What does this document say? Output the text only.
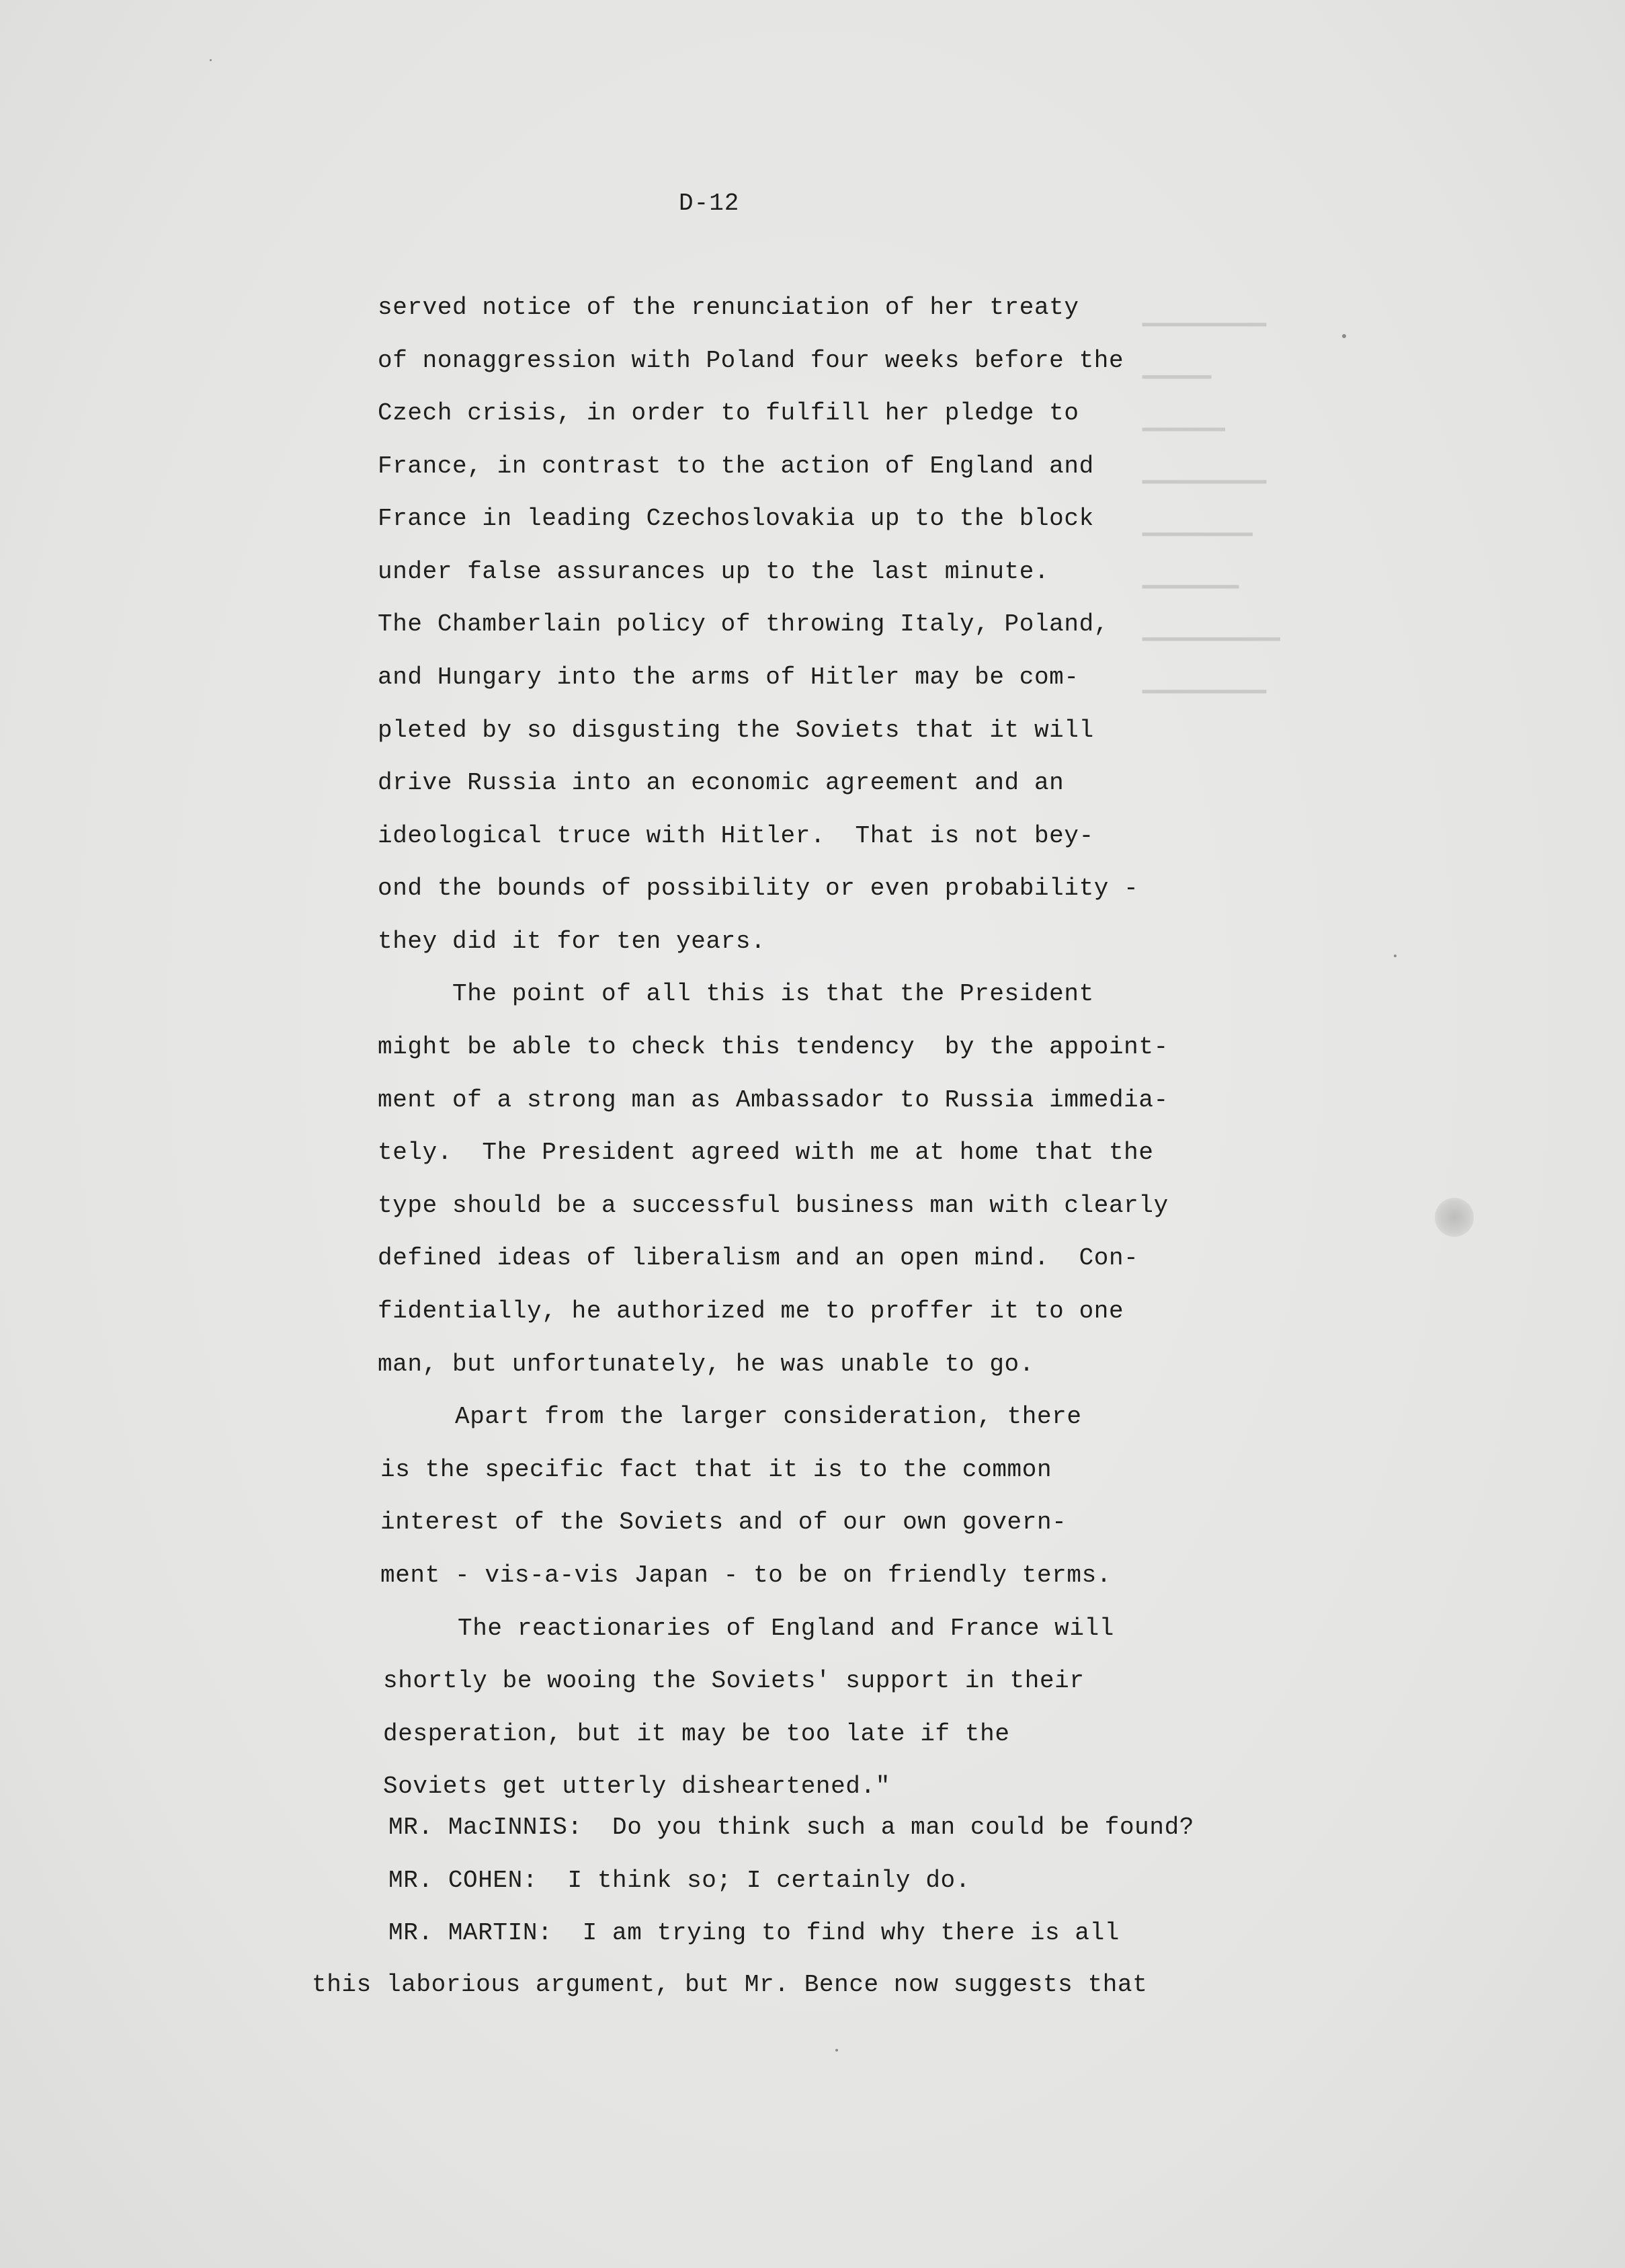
▁▁▁▁▁▁▁▁▁
▁▁▁▁▁
▁▁▁▁▁▁
▁▁▁▁▁▁▁▁▁
▁▁▁▁▁▁▁▁
▁▁▁▁▁▁▁
▁▁▁▁▁▁▁▁▁▁
▁▁▁▁▁▁▁▁▁
D-12
served notice of the renunciation of her treaty
of nonaggression with Poland four weeks before the
Czech crisis, in order to fulfill her pledge to
France, in contrast to the action of England and
France in leading Czechoslovakia up to the block
under false assurances up to the last minute.
The Chamberlain policy of throwing Italy, Poland,
and Hungary into the arms of Hitler may be com-
pleted by so disgusting the Soviets that it will
drive Russia into an economic agreement and an
ideological truce with Hitler.  That is not bey-
ond the bounds of possibility or even probability -
they did it for ten years.
The point of all this is that the President
might be able to check this tendency  by the appoint-
ment of a strong man as Ambassador to Russia immedia-
tely.  The President agreed with me at home that the
type should be a successful business man with clearly
defined ideas of liberalism and an open mind.  Con-
fidentially, he authorized me to proffer it to one
man, but unfortunately, he was unable to go.
Apart from the larger consideration, there
is the specific fact that it is to the common
interest of the Soviets and of our own govern-
ment - vis-a-vis Japan - to be on friendly terms.
The reactionaries of England and France will
shortly be wooing the Soviets' support in their
desperation, but it may be too late if the
Soviets get utterly disheartened."
MR. MacINNIS:  Do you think such a man could be found?
MR. COHEN:  I think so; I certainly do.
MR. MARTIN:  I am trying to find why there is all
this laborious argument, but Mr. Bence now suggests that
